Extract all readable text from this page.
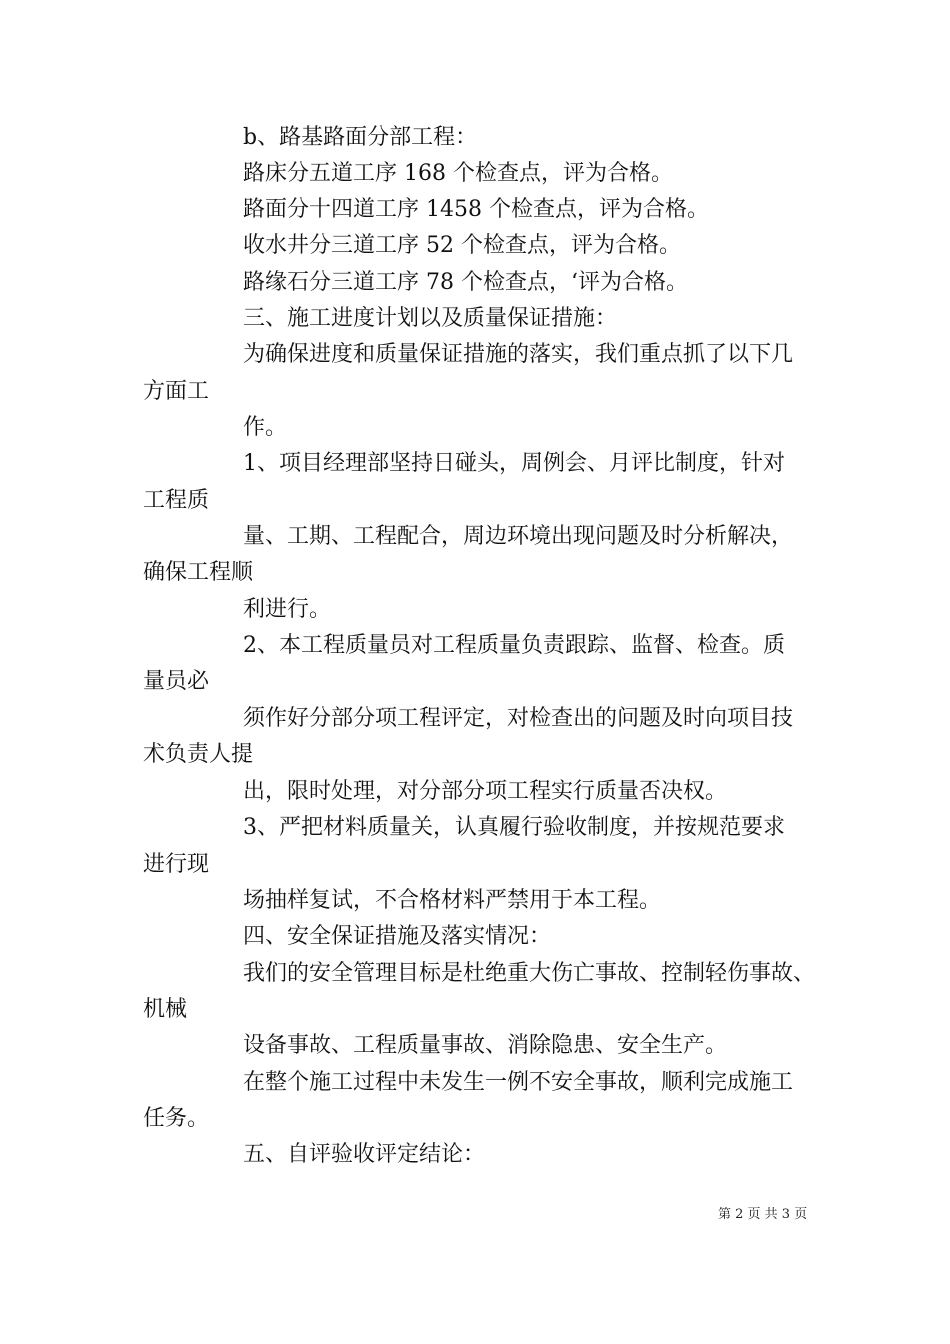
b、路基路面分部工程：
路床分五道工序 168 个检查点，评为合格。
路面分十四道工序 1458 个检查点，评为合格。
收水井分三道工序 52 个检查点，评为合格。
路缘石分三道工序 78 个检查点，‘评为合格。
三、施工进度计划以及质量保证措施：
为确保进度和质量保证措施的落实，我们重点抓了以下几
方面工
作。
1、项目经理部坚持日碰头，周例会、月评比制度，针对
工程质
量、工期、工程配合，周边环境出现问题及时分析解决，
确保工程顺
利进行。
2、本工程质量员对工程质量负责跟踪、监督、检查。质
量员必
须作好分部分项工程评定，对检查出的问题及时向项目技
术负责人提
出，限时处理，对分部分项工程实行质量否决权。
3、严把材料质量关，认真履行验收制度，并按规范要求
进行现
场抽样复试，不合格材料严禁用于本工程。
四、安全保证措施及落实情况：
我们的安全管理目标是杜绝重大伤亡事故、控制轻伤事故、
机械
设备事故、工程质量事故、消除隐患、安全生产。
在整个施工过程中未发生一例不安全事故，顺利完成施工
任务。
五、自评验收评定结论：
第 2 页 共 3 页
